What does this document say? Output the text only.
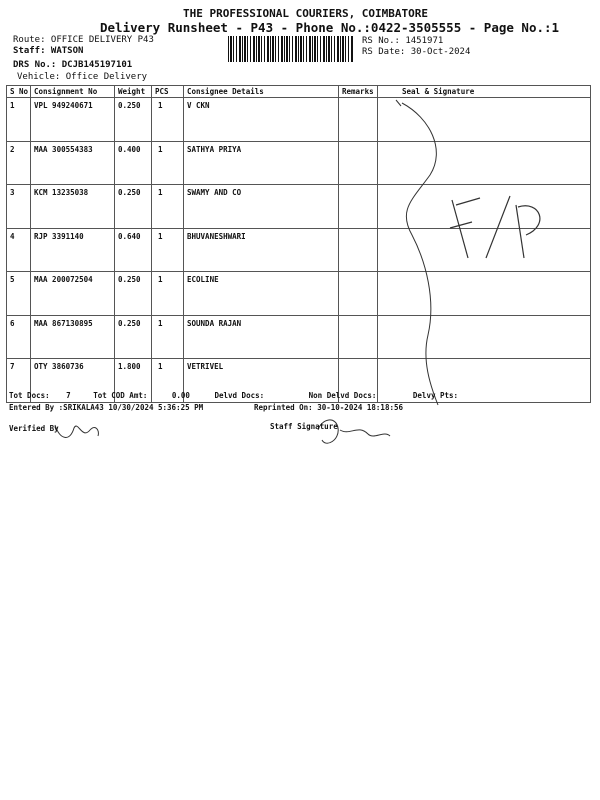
THE PROFESSIONAL COURIERS, COIMBATORE
Delivery Runsheet - P43 - Phone No.:0422-3505555 - Page No.:1
Route: OFFICE DELIVERY P43
Staff: WATSON
DRS No.: DCJB145197101
Vehicle: Office Delivery
RS No.: 1451971
RS Date: 30-Oct-2024
S No	Consignment No	Weight	PCS	Consignee Details	Remarks	Seal & Signature
1	VPL 949240671	0.250	1	V CKN		
2	MAA 300554383	0.400	1	SATHYA PRIYA		
3	KCM 13235038	0.250	1	SWAMY AND CO		
4	RJP 3391140	0.640	1	BHUVANESHWARI		
5	MAA 200072504	0.250	1	ECOLINE		
6	MAA 867130895	0.250	1	SOUNDA RAJAN		
7	OTY 3860736	1.800	1	VETRIVEL		
Tot Docs: 7	Tot COD Amt:	0.00	Delvd Docs:	Non Delvd Docs:	Delvy Pts:
Entered By :SRIKALA43 10/30/2024 5:36:25 PM	Reprinted On: 30-10-2024 18:18:56
Verified By	Staff Signature
